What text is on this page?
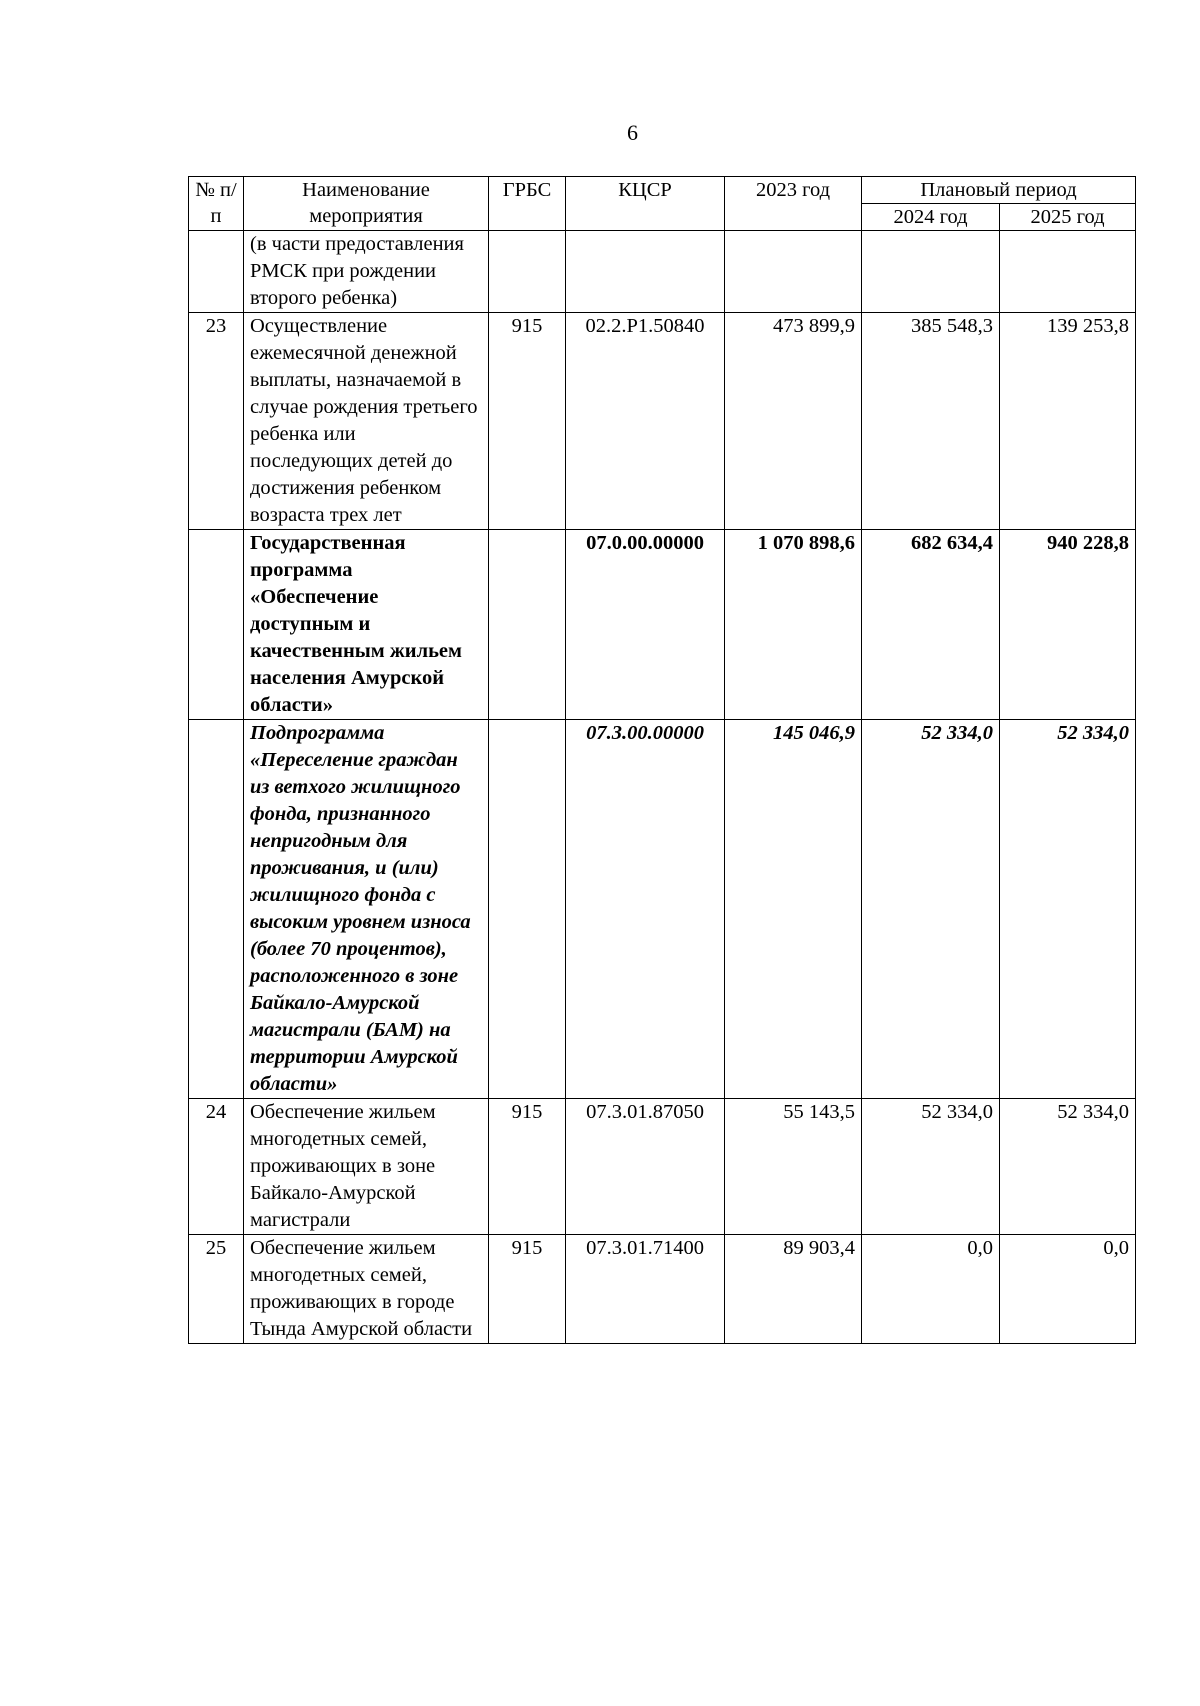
6
№ п/п	Наименование мероприятия	ГРБС	КЦСР	2023 год	Плановый период	
					2024 год	2025 год
	(в части предоставления РМСК при рождении второго ребенка)					
23	Осуществление ежемесячной денежной выплаты, назначаемой в случае рождения третьего ребенка или последующих детей до достижения ребенком возраста трех лет	915	02.2.Р1.50840	473 899,9	385 548,3	139 253,8
	Государственная программа «Обеспечение доступным и качественным жильем населения Амурской области»		07.0.00.00000	1 070 898,6	682 634,4	940 228,8
	Подпрограмма «Переселение граждан из ветхого жилищного фонда, признанного непригодным для проживания, и (или) жилищного фонда с высоким уровнем износа (более 70 процентов), расположенного в зоне Байкало-Амурской магистрали (БАМ) на территории Амурской области»		07.3.00.00000	145 046,9	52 334,0	52 334,0
24	Обеспечение жильем многодетных семей, проживающих в зоне Байкало-Амурской магистрали	915	07.3.01.87050	55 143,5	52 334,0	52 334,0
25	Обеспечение жильем многодетных семей, проживающих в городе Тында Амурской области	915	07.3.01.71400	89 903,4	0,0	0,0
